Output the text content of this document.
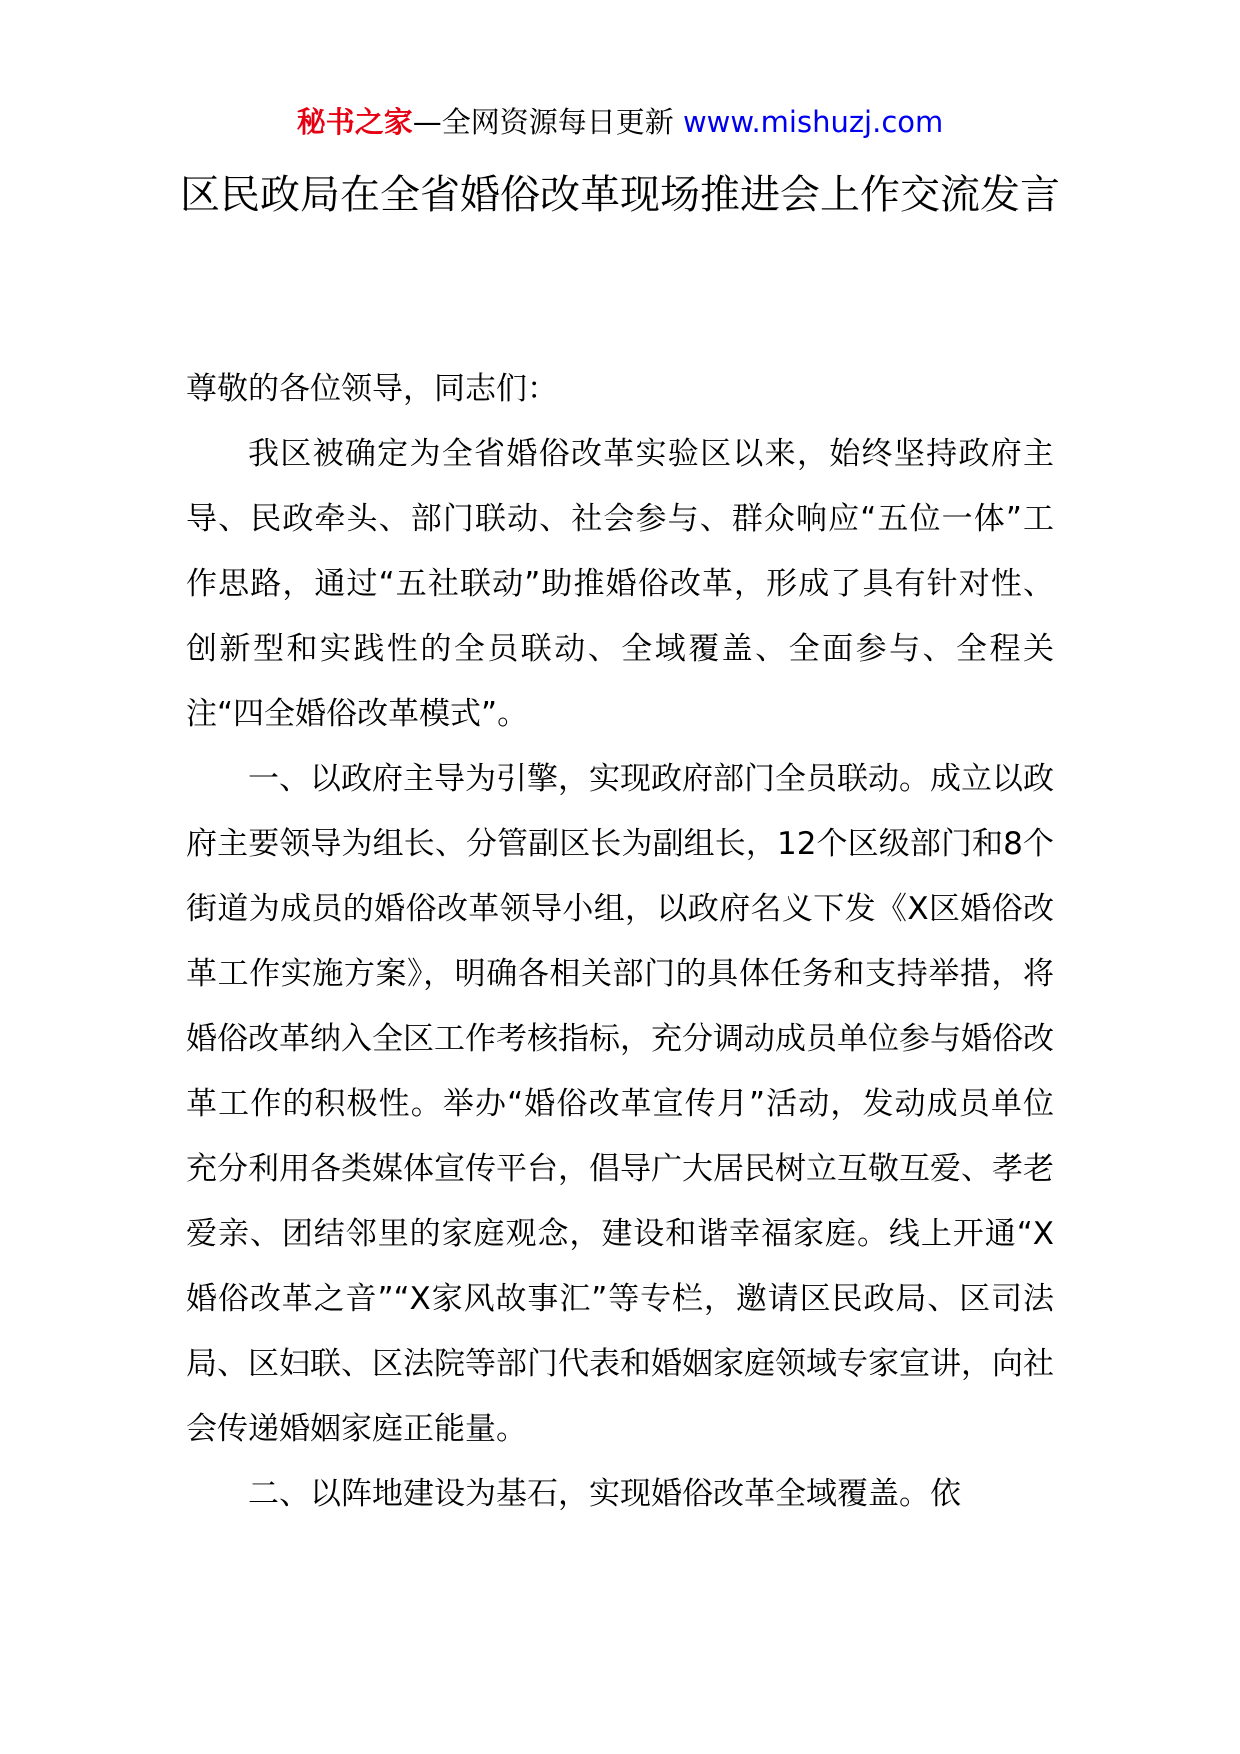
秘书之家—全网资源每日更新 www.mishuzj.com
区民政局在全省婚俗改革现场推进会上作交流发言

尊敬的各位领导，同志们：

我区被确定为全省婚俗改革实验区以来，始终坚持政府主导、民政牵头、部门联动、社会参与、群众响应“五位一体”工作思路，通过“五社联动”助推婚俗改革，形成了具有针对性、创新型和实践性的全员联动、全域覆盖、全面参与、全程关注“四全婚俗改革模式”。

一、以政府主导为引擎，实现政府部门全员联动。成立以政府主要领导为组长、分管副区长为副组长，12个区级部门和8个街道为成员的婚俗改革领导小组，以政府名义下发《X区婚俗改革工作实施方案》，明确各相关部门的具体任务和支持举措，将婚俗改革纳入全区工作考核指标，充分调动成员单位参与婚俗改革工作的积极性。举办“婚俗改革宣传月”活动，发动成员单位充分利用各类媒体宣传平台，倡导广大居民树立互敬互爱、孝老爱亲、团结邻里的家庭观念，建设和谐幸福家庭。线上开通“X婚俗改革之音”“X家风故事汇”等专栏，邀请区民政局、区司法局、区妇联、区法院等部门代表和婚姻家庭领域专家宣讲，向社会传递婚姻家庭正能量。

二、以阵地建设为基石，实现婚俗改革全域覆盖。依
